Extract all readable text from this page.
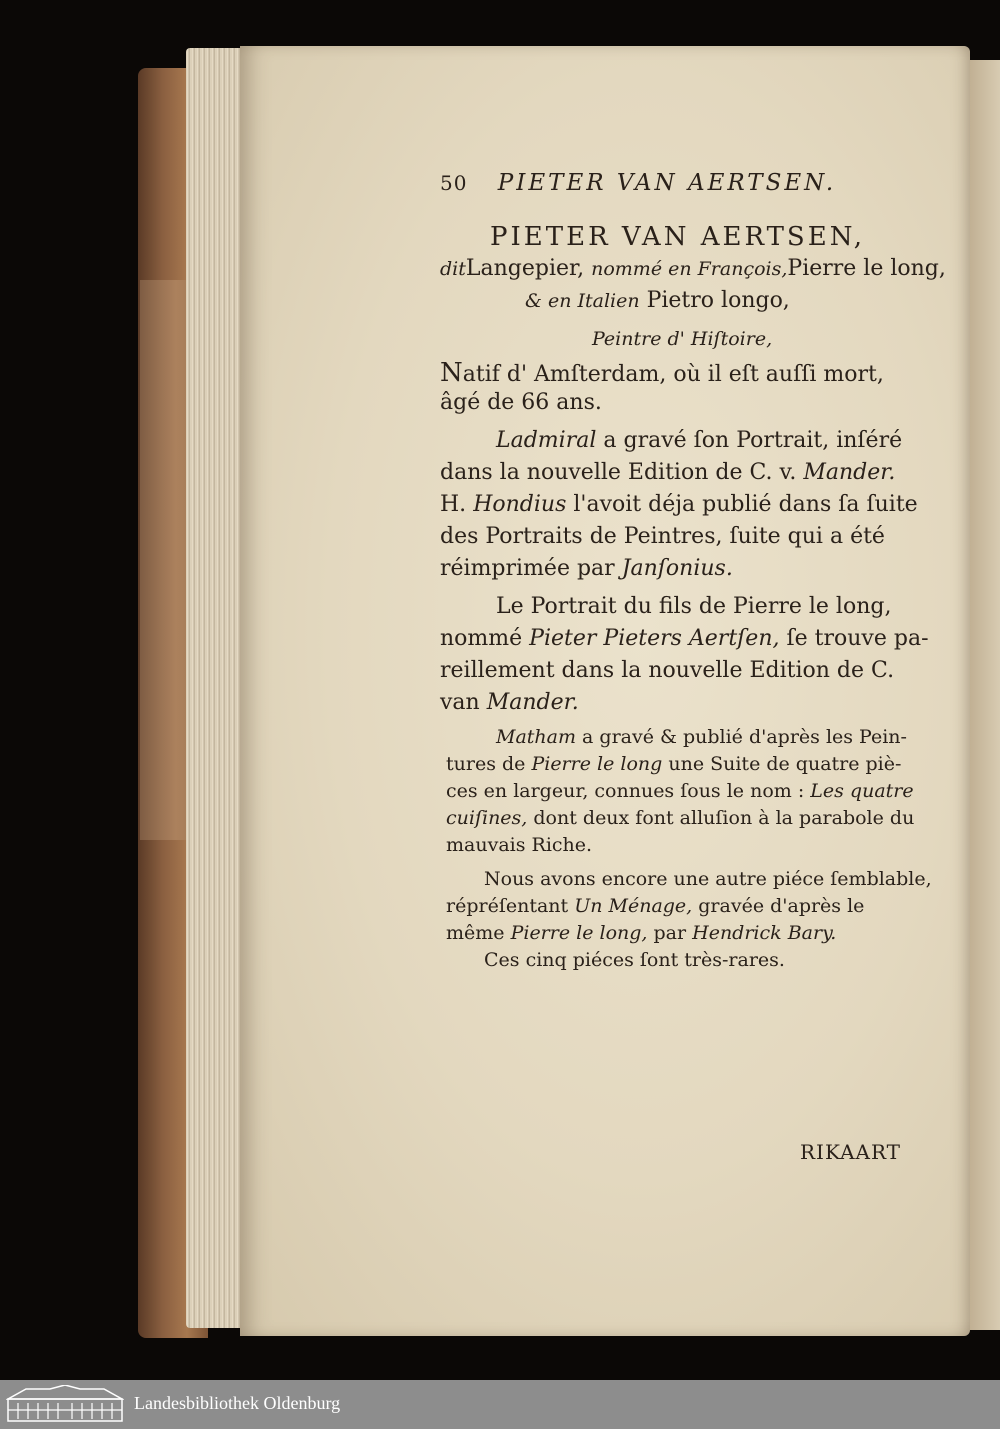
50 PIETER VAN AERTSEN.
PIETER VAN AERTSEN,
ditLangepier, nommé en François,Pierre le long,
& en Italien Pietro longo,
Peintre d' Hiſtoire,
Natif d' Amſterdam, où il eſt auſſi mort,
âgé de 66 ans.
Ladmiral a gravé ſon Portrait, inſéré
dans la nouvelle Edition de C. v. Mander.
H. Hondius l'avoit déja publié dans ſa ſuite
des Portraits de Peintres, ſuite qui a été
réimprimée par Janſonius.
Le Portrait du fils de Pierre le long,
nommé Pieter Pieters Aertſen, ſe trouve pa-
reillement dans la nouvelle Edition de C.
van Mander.
Matham a gravé & publié d'après les Pein-
tures de Pierre le long une Suite de quatre piè-
ces en largeur, connues ſous le nom : Les quatre
cuiſines, dont deux font alluſion à la parabole du
mauvais Riche.
Nous avons encore une autre piéce ſemblable,
répréſentant Un Ménage, gravée d'après le
même Pierre le long, par Hendrick Bary.
Ces cinq piéces ſont très-rares.
RIKAART
Landesbibliothek Oldenburg
